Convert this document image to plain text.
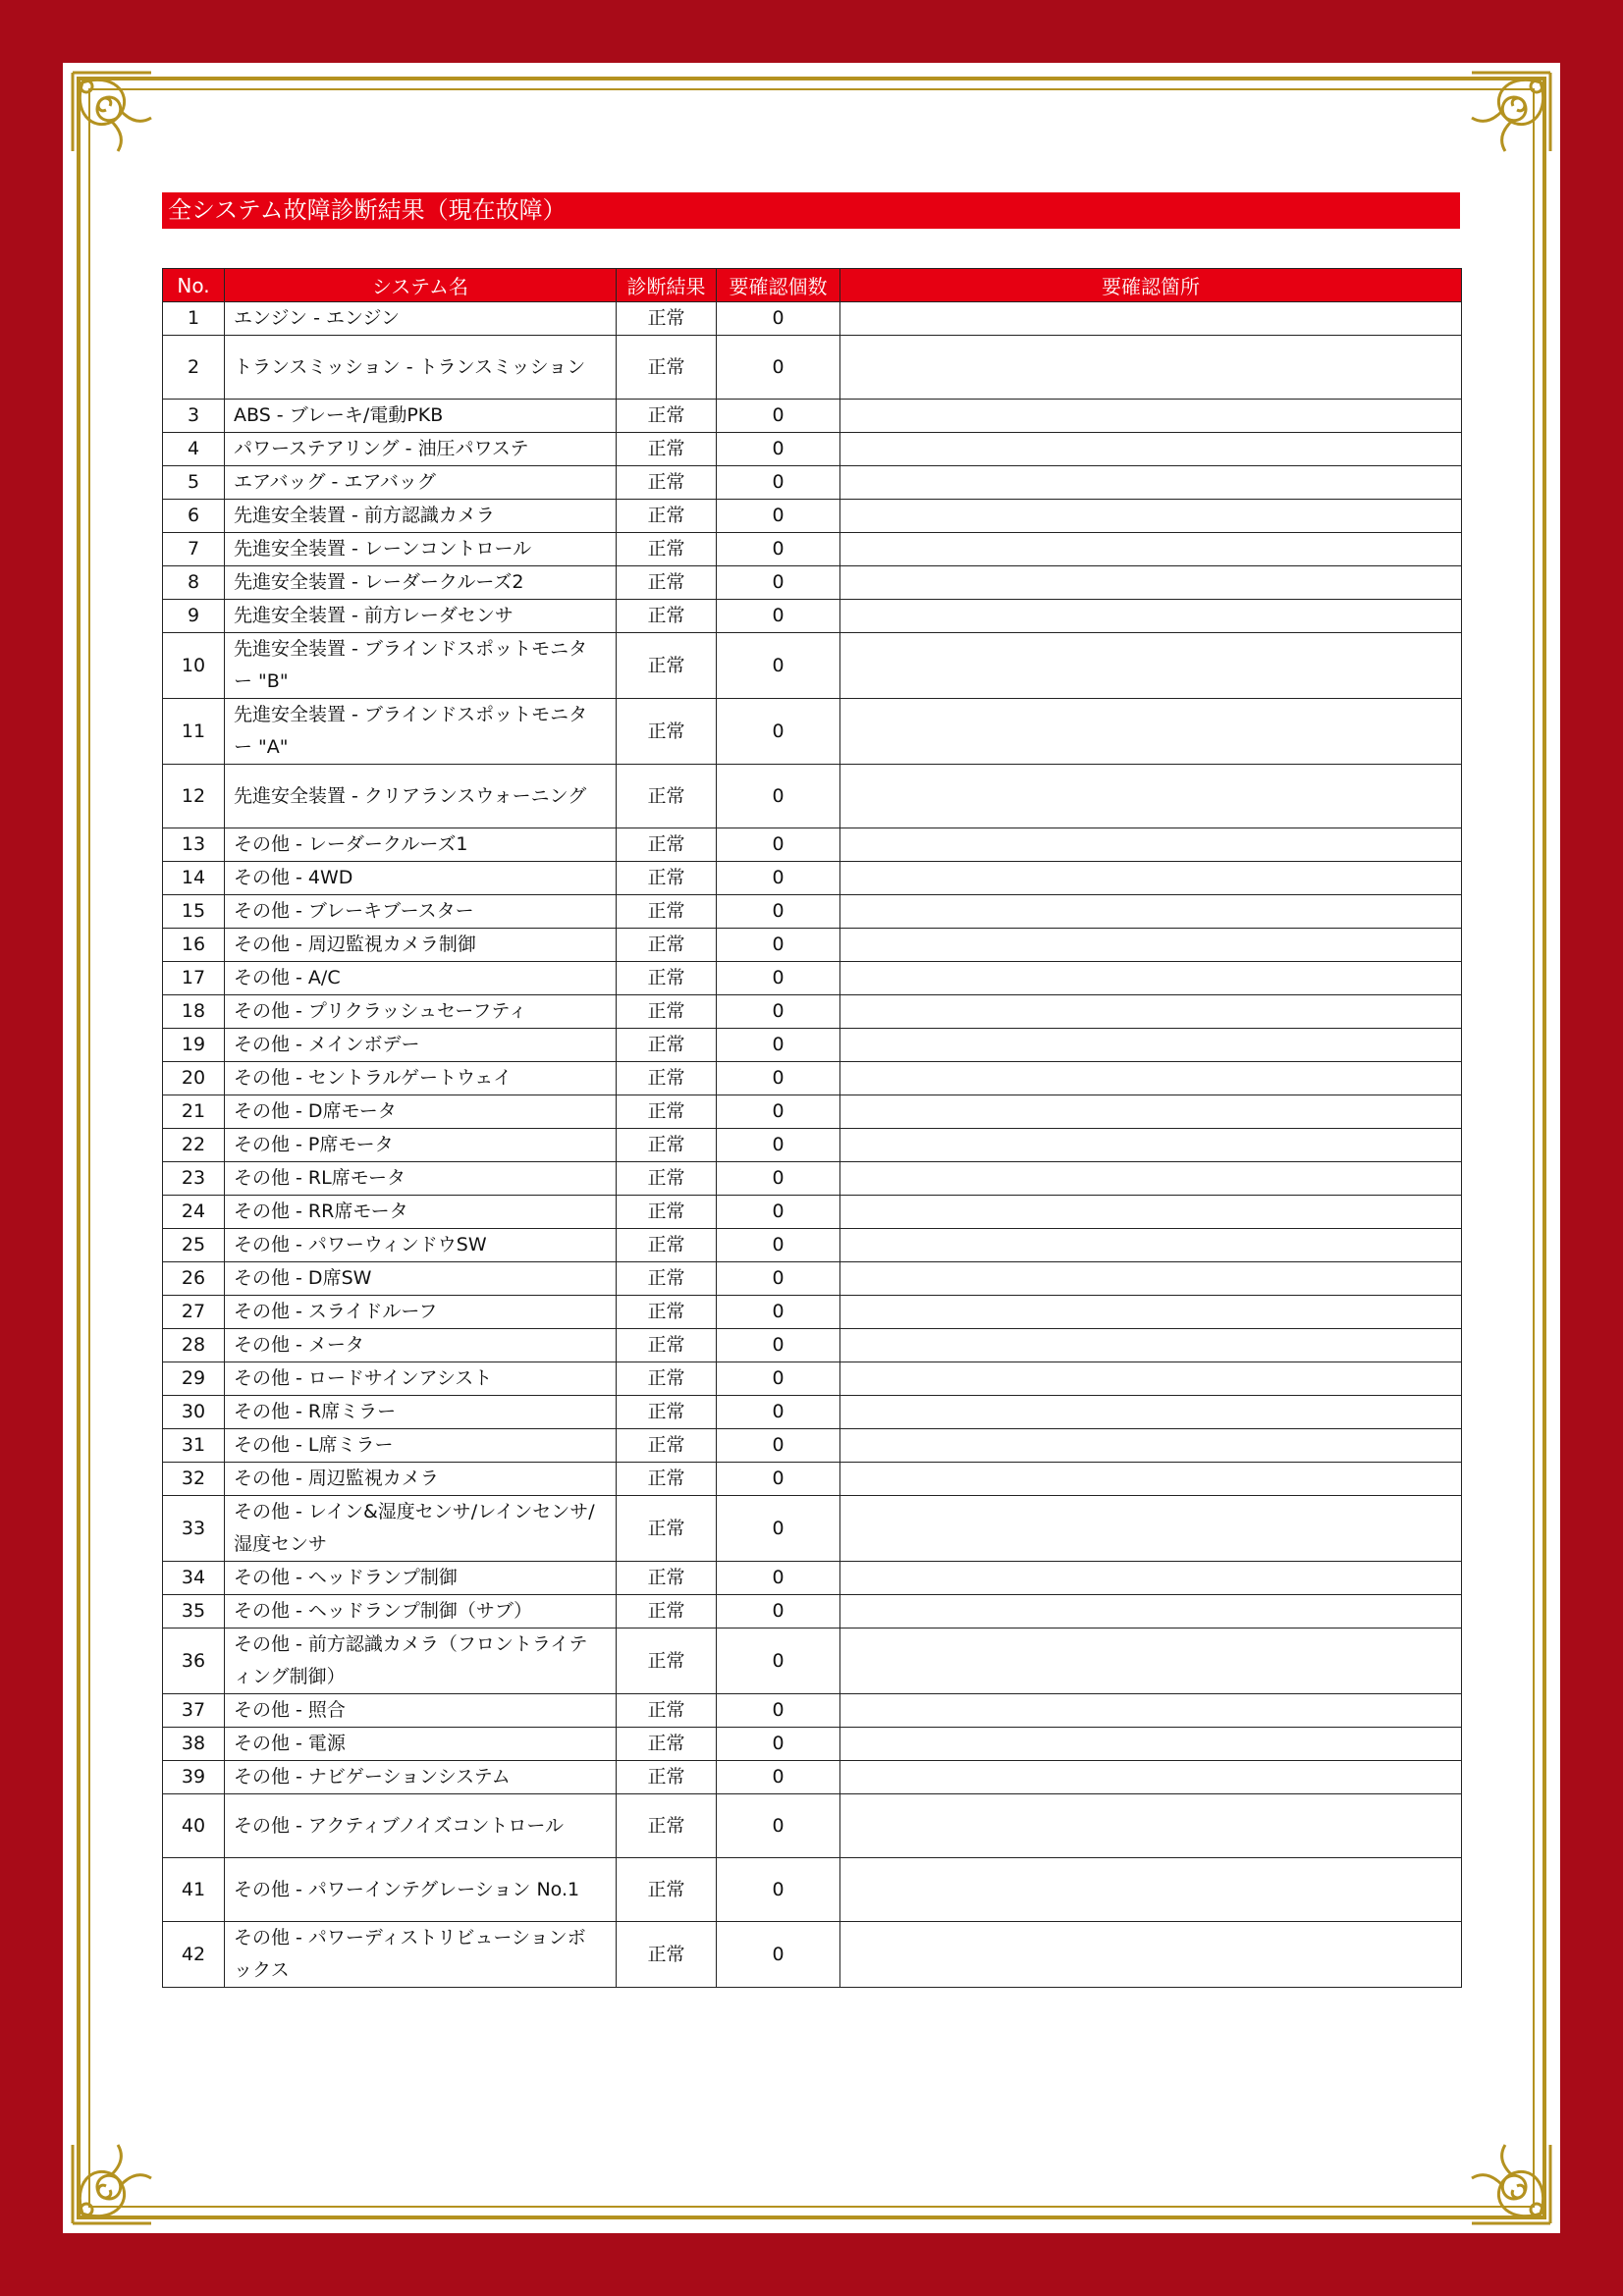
全システム故障診断結果（現在故障）
No.	システム名	診断結果	要確認個数	要確認箇所
1	エンジン - エンジン	正常	0	
2	トランスミッション - トランスミッション	正常	0	
3	ABS - ブレーキ/電動PKB	正常	0	
4	パワーステアリング - 油圧パワステ	正常	0	
5	エアバッグ - エアバッグ	正常	0	
6	先進安全装置 - 前方認識カメラ	正常	0	
7	先進安全装置 - レーンコントロール	正常	0	
8	先進安全装置 - レーダークルーズ2	正常	0	
9	先進安全装置 - 前方レーダセンサ	正常	0	
10	先進安全装置 - ブラインドスポットモニター "B"	正常	0	
11	先進安全装置 - ブラインドスポットモニター "A"	正常	0	
12	先進安全装置 - クリアランスウォーニング	正常	0	
13	その他 - レーダークルーズ1	正常	0	
14	その他 - 4WD	正常	0	
15	その他 - ブレーキブースター	正常	0	
16	その他 - 周辺監視カメラ制御	正常	0	
17	その他 - A/C	正常	0	
18	その他 - プリクラッシュセーフティ	正常	0	
19	その他 - メインボデー	正常	0	
20	その他 - セントラルゲートウェイ	正常	0	
21	その他 - D席モータ	正常	0	
22	その他 - P席モータ	正常	0	
23	その他 - RL席モータ	正常	0	
24	その他 - RR席モータ	正常	0	
25	その他 - パワーウィンドウSW	正常	0	
26	その他 - D席SW	正常	0	
27	その他 - スライドルーフ	正常	0	
28	その他 - メータ	正常	0	
29	その他 - ロードサインアシスト	正常	0	
30	その他 - R席ミラー	正常	0	
31	その他 - L席ミラー	正常	0	
32	その他 - 周辺監視カメラ	正常	0	
33	その他 - レイン&湿度センサ/レインセンサ/湿度センサ	正常	0	
34	その他 - ヘッドランプ制御	正常	0	
35	その他 - ヘッドランプ制御（サブ）	正常	0	
36	その他 - 前方認識カメラ（フロントライティング制御）	正常	0	
37	その他 - 照合	正常	0	
38	その他 - 電源	正常	0	
39	その他 - ナビゲーションシステム	正常	0	
40	その他 - アクティブノイズコントロール	正常	0	
41	その他 - パワーインテグレーション No.1	正常	0	
42	その他 - パワーディストリビューションボックス	正常	0	
